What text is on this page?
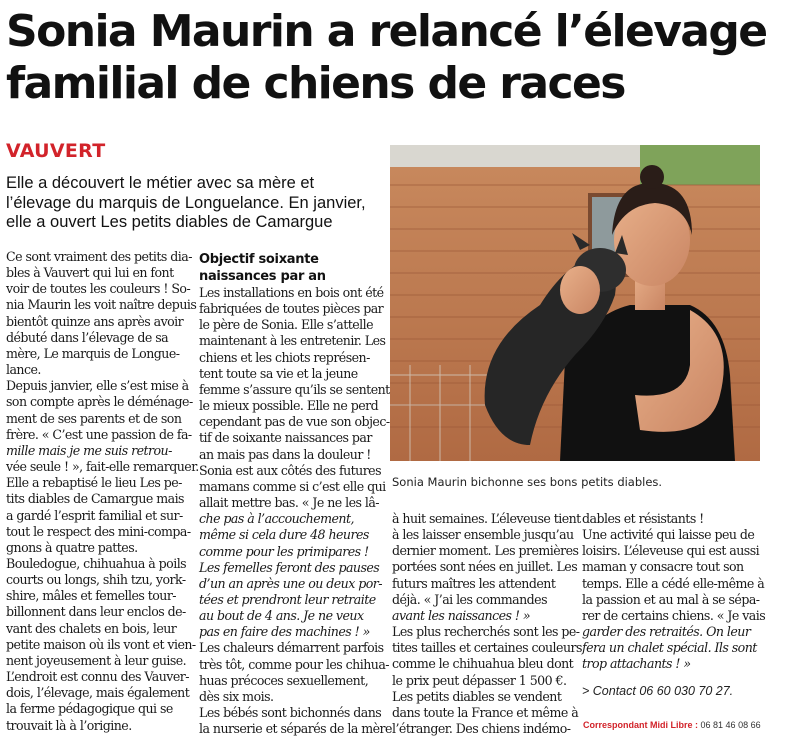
Sonia Maurin a relancé l’élevage
familial de chiens de races
VAUVERT
Elle a découvert le métier avec sa mère et
l’élevage du marquis de Longuelance. En janvier,
elle a ouvert Les petits diables de Camargue
Sonia Maurin bichonne ses bons petits diables.
Ce sont vraiment des petits dia-
bles à Vauvert qui lui en font
voir de toutes les couleurs ! So-
nia Maurin les voit naître depuis
bientôt quinze ans après avoir
débuté dans l’élevage de sa
mère, Le marquis de Longue-
lance.
Depuis janvier, elle s’est mise à
son compte après le déménage-
ment de ses parents et de son
frère. « C’est une passion de fa-
mille mais je me suis retrou-
vée seule ! », fait-elle remarquer.
Elle a rebaptisé le lieu Les pe-
tits diables de Camargue mais
a gardé l’esprit familial et sur-
tout le respect des mini-compa-
gnons à quatre pattes.
Bouledogue, chihuahua à poils
courts ou longs, shih tzu, york-
shire, mâles et femelles tour-
billonnent dans leur enclos de-
vant des chalets en bois, leur
petite maison où ils vont et vien-
nent joyeusement à leur guise.
L’endroit est connu des Vauver-
dois, l’élevage, mais également
la ferme pédagogique qui se
trouvait là à l’origine.
Objectif soixante
naissances par an
Les installations en bois ont été
fabriquées de toutes pièces par
le père de Sonia. Elle s’attelle
maintenant à les entretenir. Les
chiens et les chiots représen-
tent toute sa vie et la jeune
femme s’assure qu’ils se sentent
le mieux possible. Elle ne perd
cependant pas de vue son objec-
tif de soixante naissances par
an mais pas dans la douleur !
Sonia est aux côtés des futures
mamans comme si c’est elle qui
allait mettre bas. « Je ne les lâ-
che pas à l’accouchement,
même si cela dure 48 heures
comme pour les primipares !
Les femelles feront des pauses
d’un an après une ou deux por-
tées et prendront leur retraite
au bout de 4 ans. Je ne veux
pas en faire des machines ! »
Les chaleurs démarrent parfois
très tôt, comme pour les chihua-
huas précoces sexuellement,
dès six mois.
Les bébés sont bichonnés dans
la nurserie et séparés de la mère
à huit semaines. L’éleveuse tient
à les laisser ensemble jusqu’au
dernier moment. Les premières
portées sont nées en juillet. Les
futurs maîtres les attendent
déjà. « J’ai les commandes
avant les naissances ! »
Les plus recherchés sont les pe-
tites tailles et certaines couleurs
comme le chihuahua bleu dont
le prix peut dépasser 1 500 €.
Les petits diables se vendent
dans toute la France et même à
l’étranger. Des chiens indémo-
dables et résistants !
Une activité qui laisse peu de
loisirs. L’éleveuse qui est aussi
maman y consacre tout son
temps. Elle a cédé elle-même à
la passion et au mal à se sépa-
rer de certains chiens. « Je vais
garder des retraités. On leur
fera un chalet spécial. Ils sont
trop attachants ! »
> Contact 06 60 030 70 27.
Correspondant Midi Libre : 06 81 46 08 66
